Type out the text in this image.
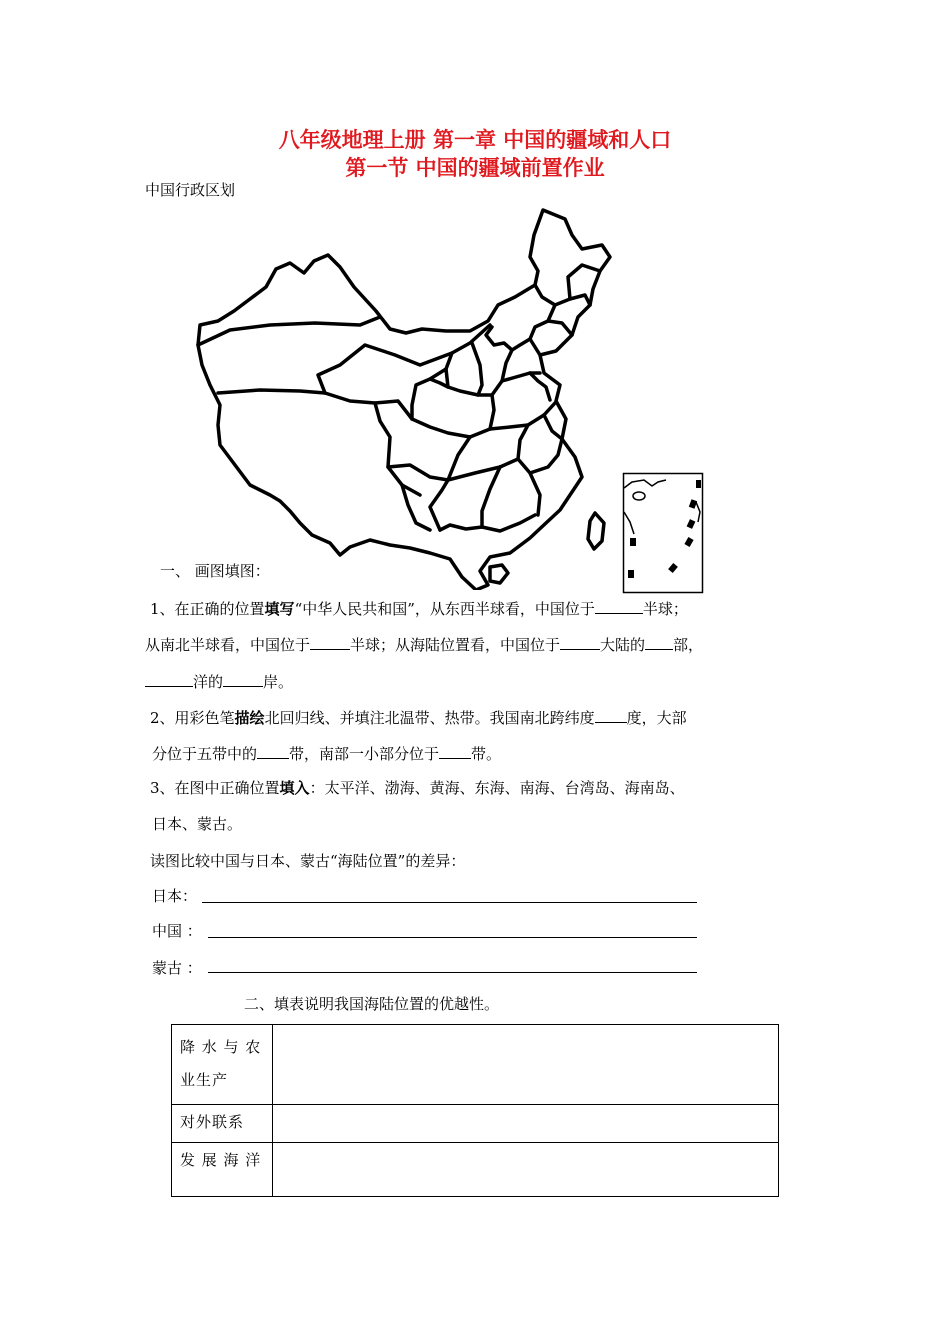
八年级地理上册 第一章 中国的疆域和人口
第一节 中国的疆域前置作业
中国行政区划
一、 画图填图：
1、在正确的位置填写“中华人民共和国”，从东西半球看，中国位于	半球；
从南北半球看，中国位于	半球；从海陆位置看，中国位于	大陆的 部，
洋的	岸。
2、用彩色笔描绘北回归线、并填注北温带、热带。我国南北跨纬度 度，大部
分位于五带中的 带，南部一小部分位于 带。
3、在图中正确位置填入：太平洋、渤海、黄海、东海、南海、台湾岛、海南岛、
日本、蒙古。
读图比较中国与日本、蒙古“海陆位置”的差异：
日本：
中国 ：
蒙古 ：
二、填表说明我国海陆位置的优越性。
降 水 与 农
业生产	

对外联系	

发 展 海 洋	
